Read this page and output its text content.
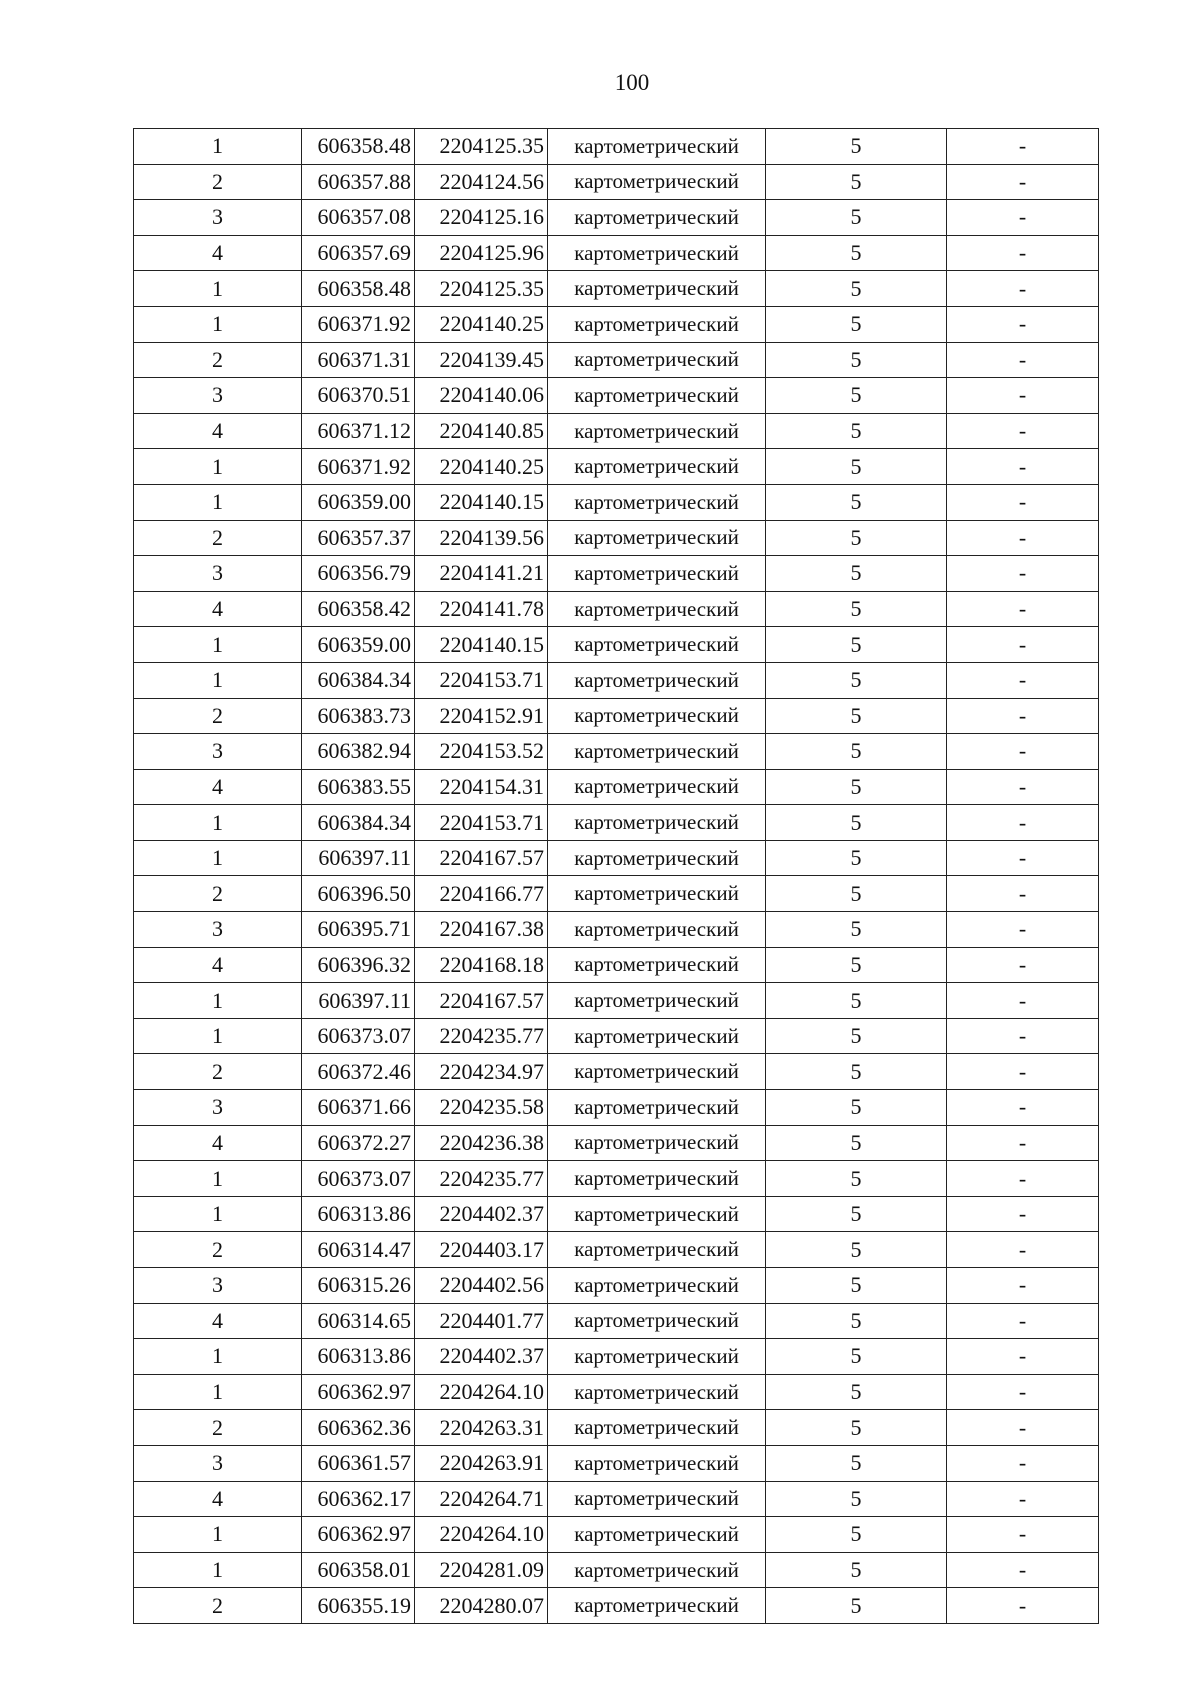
100
1	606358.48	2204125.35	картометрический	5	-
2	606357.88	2204124.56	картометрический	5	-
3	606357.08	2204125.16	картометрический	5	-
4	606357.69	2204125.96	картометрический	5	-
1	606358.48	2204125.35	картометрический	5	-
1	606371.92	2204140.25	картометрический	5	-
2	606371.31	2204139.45	картометрический	5	-
3	606370.51	2204140.06	картометрический	5	-
4	606371.12	2204140.85	картометрический	5	-
1	606371.92	2204140.25	картометрический	5	-
1	606359.00	2204140.15	картометрический	5	-
2	606357.37	2204139.56	картометрический	5	-
3	606356.79	2204141.21	картометрический	5	-
4	606358.42	2204141.78	картометрический	5	-
1	606359.00	2204140.15	картометрический	5	-
1	606384.34	2204153.71	картометрический	5	-
2	606383.73	2204152.91	картометрический	5	-
3	606382.94	2204153.52	картометрический	5	-
4	606383.55	2204154.31	картометрический	5	-
1	606384.34	2204153.71	картометрический	5	-
1	606397.11	2204167.57	картометрический	5	-
2	606396.50	2204166.77	картометрический	5	-
3	606395.71	2204167.38	картометрический	5	-
4	606396.32	2204168.18	картометрический	5	-
1	606397.11	2204167.57	картометрический	5	-
1	606373.07	2204235.77	картометрический	5	-
2	606372.46	2204234.97	картометрический	5	-
3	606371.66	2204235.58	картометрический	5	-
4	606372.27	2204236.38	картометрический	5	-
1	606373.07	2204235.77	картометрический	5	-
1	606313.86	2204402.37	картометрический	5	-
2	606314.47	2204403.17	картометрический	5	-
3	606315.26	2204402.56	картометрический	5	-
4	606314.65	2204401.77	картометрический	5	-
1	606313.86	2204402.37	картометрический	5	-
1	606362.97	2204264.10	картометрический	5	-
2	606362.36	2204263.31	картометрический	5	-
3	606361.57	2204263.91	картометрический	5	-
4	606362.17	2204264.71	картометрический	5	-
1	606362.97	2204264.10	картометрический	5	-
1	606358.01	2204281.09	картометрический	5	-
2	606355.19	2204280.07	картометрический	5	-
